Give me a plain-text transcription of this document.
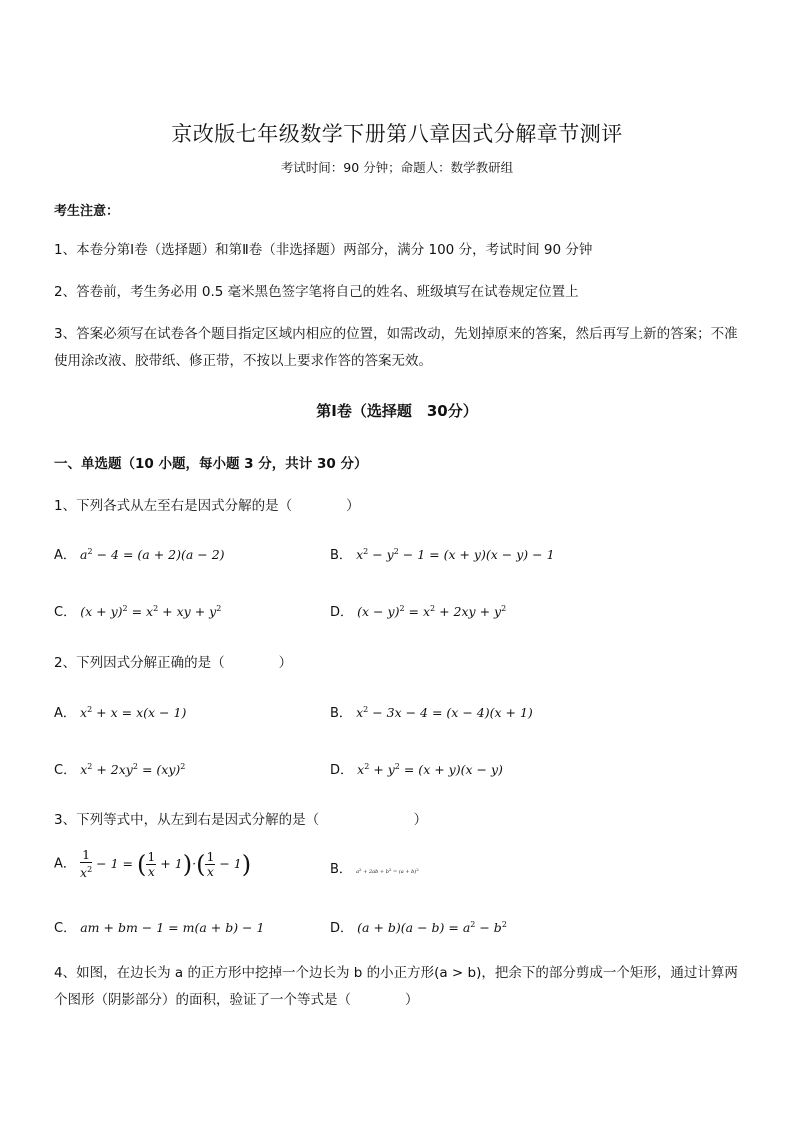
京改版七年级数学下册第八章因式分解章节测评
考试时间：90 分钟；命题人：数学教研组
考生注意：
1、本卷分第Ⅰ卷（选择题）和第Ⅱ卷（非选择题）两部分，满分 100 分，考试时间 90 分钟
2、答卷前，考生务必用 0.5 毫米黑色签字笔将自己的姓名、班级填写在试卷规定位置上
3、答案必须写在试卷各个题目指定区域内相应的位置，如需改动，先划掉原来的答案，然后再写上新的答案；不准使用涂改液、胶带纸、修正带，不按以上要求作答的答案无效。
第Ⅰ卷（选择题　30分）
一、单选题（10 小题，每小题 3 分，共计 30 分）
1、下列各式从左至右是因式分解的是（　　　　）
A． $a^2 - 4 = (a + 2)(a - 2)$	B． $x^2 - y^2 - 1 = (x + y)(x - y) - 1$
C． $(x + y)^2 = x^2$ + xy + $y^2$	D． $(x - y)^2 = x^2 + 2xy + y^2$
2、下列因式分解正确的是（　　　　）
A． $x^2 + x = x(x - 1)$	B． $x^2 - 3x - 4 = (x - 4)(x + 1)$
C． $x^2 + 2xy^2 = (xy)^2$	D． $x^2 + y^2 = (x + y)(x - y)$
3、下列等式中，从左到右是因式分解的是（　　　　　　　）
A． $\frac{1}{x^2} - 1$ = ( $\frac{1}{x} + 1)\cdot( \frac{1}{x} - 1)$	B． $a^2 + 2ab + b^2 = (a + b)^2$
C． am + bm − 1 = m(a + b) − 1	D． $(a + b)(a - b) = a^2 - b^2$
4、如图，在边长为 a 的正方形中挖掉一个边长为 b 的小正方形(a > b)，把余下的部分剪成一个矩形，通过计算两个图形（阴影部分）的面积，验证了一个等式是（　　　　）
